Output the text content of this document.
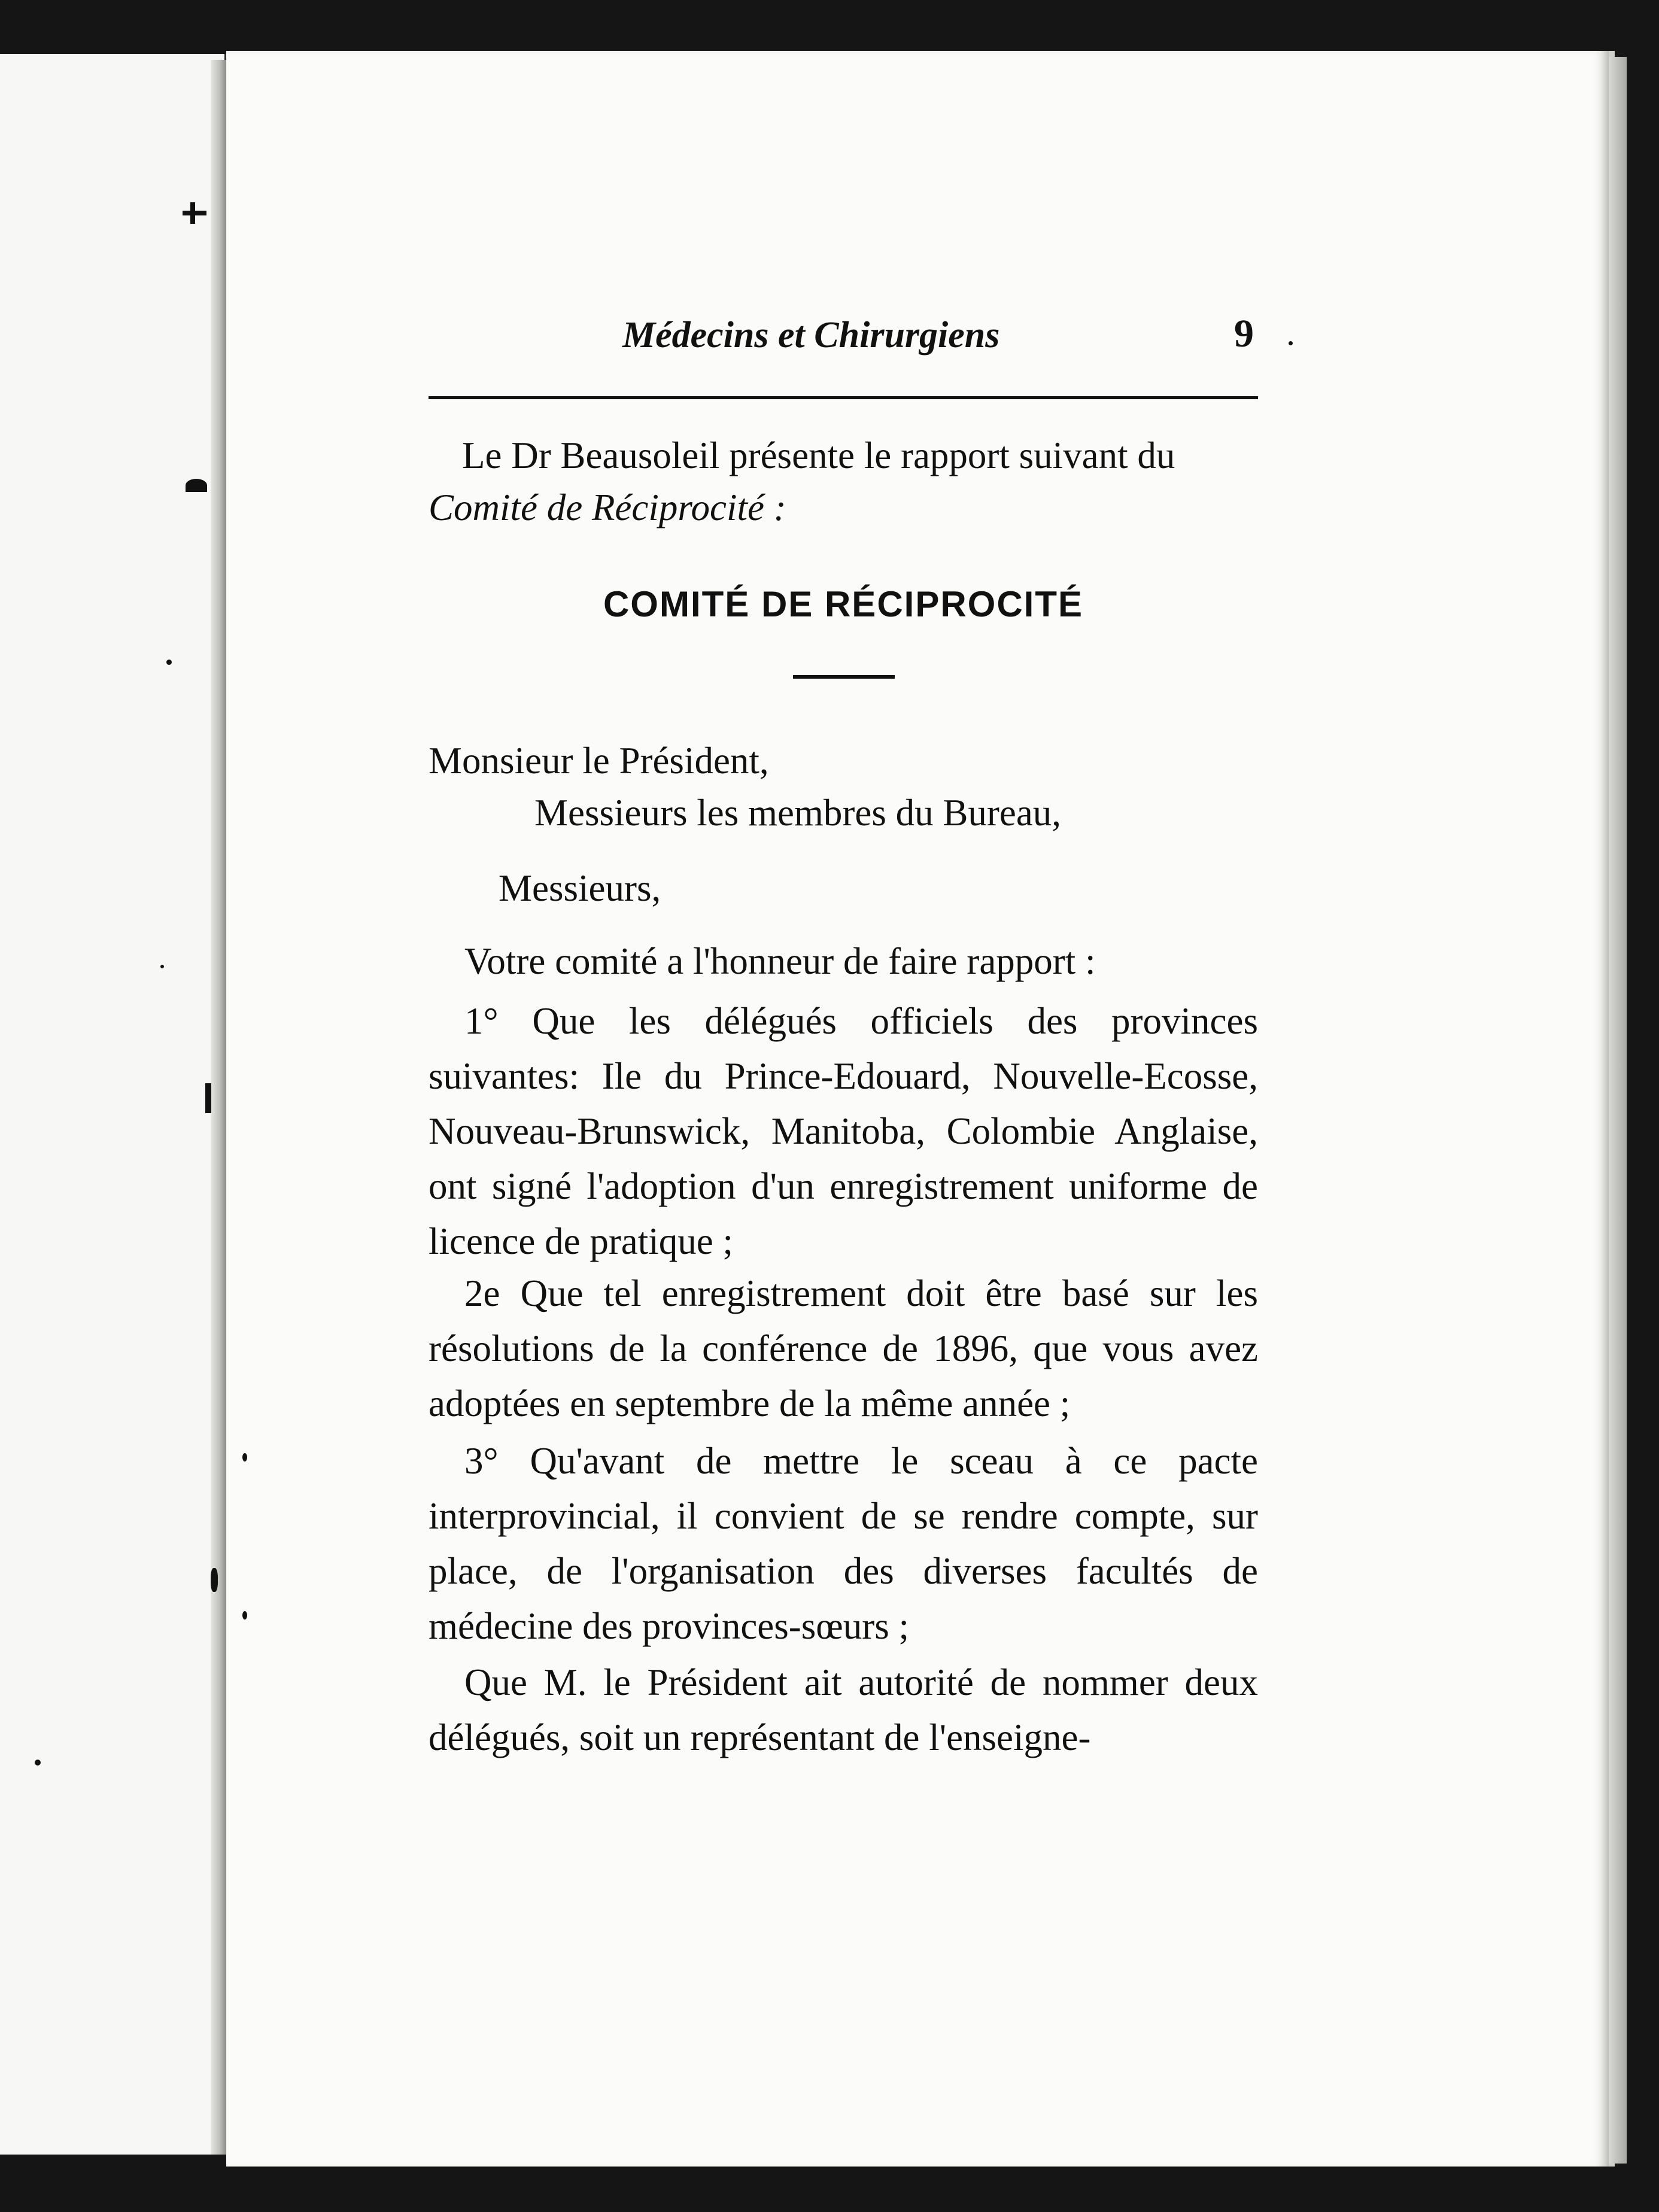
Médecins et Chirurgiens	9
Le Dr Beausoleil présente le rapport suivant du
Comité de Réciprocité :
COMITÉ DE RÉCIPROCITÉ
Monsieur le Président,
Messieurs les membres du Bureau,
Messieurs,

Votre comité a l'honneur de faire rapport :

1° Que les délégués officiels des provinces suivantes: Ile du Prince-Edouard, Nouvelle-Ecosse, Nouveau-Brunswick, Manitoba, Colombie Anglaise, ont signé l'adoption d'un enregistrement uniforme de licence de pratique ;

2e Que tel enregistrement doit être basé sur les résolutions de la conférence de 1896, que vous avez adoptées en septembre de la même année ;

3° Qu'avant de mettre le sceau à ce pacte interprovincial, il convient de se rendre compte, sur place, de l'organisation des diverses facultés de médecine des provinces-sœurs ;

Que M. le Président ait autorité de nommer deux délégués, soit un représentant de l'enseigne-
